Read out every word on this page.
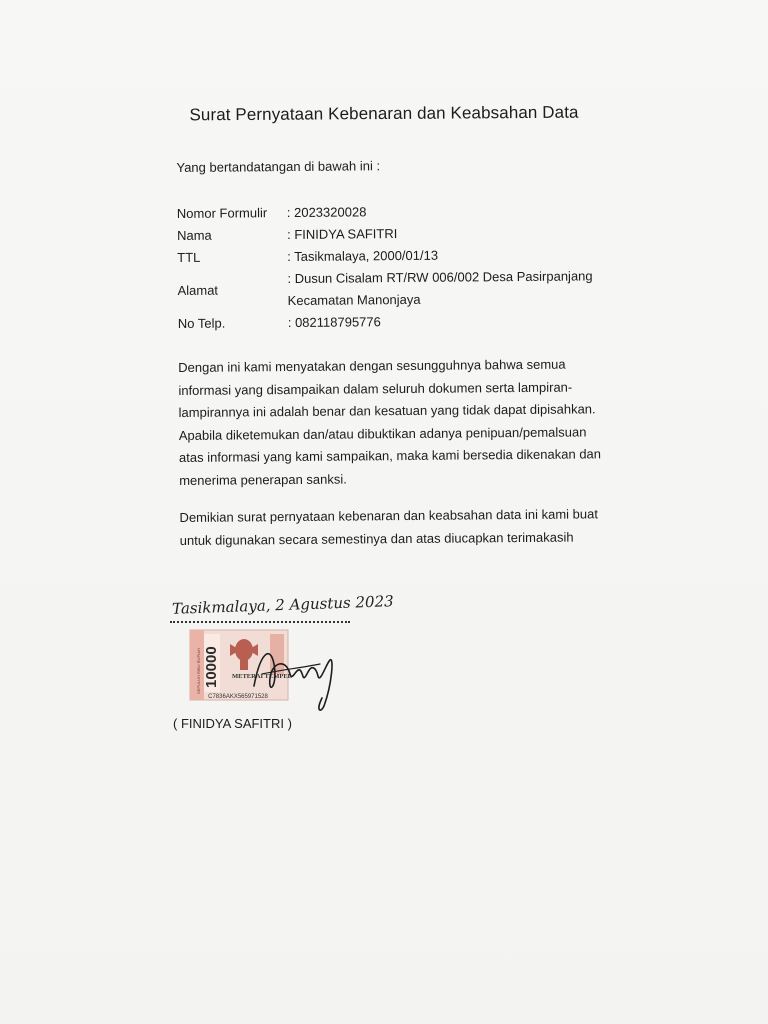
Surat Pernyataan Kebenaran dan Keabsahan Data
Yang bertandatangan di bawah ini :
Nomor Formulir	: 2023320028
Nama	: FINIDYA SAFITRI
TTL	: Tasikmalaya, 2000/01/13
Alamat
: Dusun Cisalam RT/RW 006/002 Desa Pasirpanjang
Kecamatan Manonjaya
No Telp.	: 082118795776
Dengan ini kami menyatakan dengan sesungguhnya bahwa semua
informasi yang disampaikan dalam seluruh dokumen serta lampiran-
lampirannya ini adalah benar dan kesatuan yang tidak dapat dipisahkan.
Apabila diketemukan dan/atau dibuktikan adanya penipuan/pemalsuan
atas informasi yang kami sampaikan, maka kami bersedia dikenakan dan
menerima penerapan sanksi.
Demikian surat pernyataan kebenaran dan keabsahan data ini kami buat
untuk digunakan secara semestinya dan atas diucapkan terimakasih
Tasikmalaya, 2 Agustus 2023
10000
SEPULUH RIBU RUPIAH	METERAI TEMPEL
C7836AKX565971528
( FINIDYA SAFITRI )
